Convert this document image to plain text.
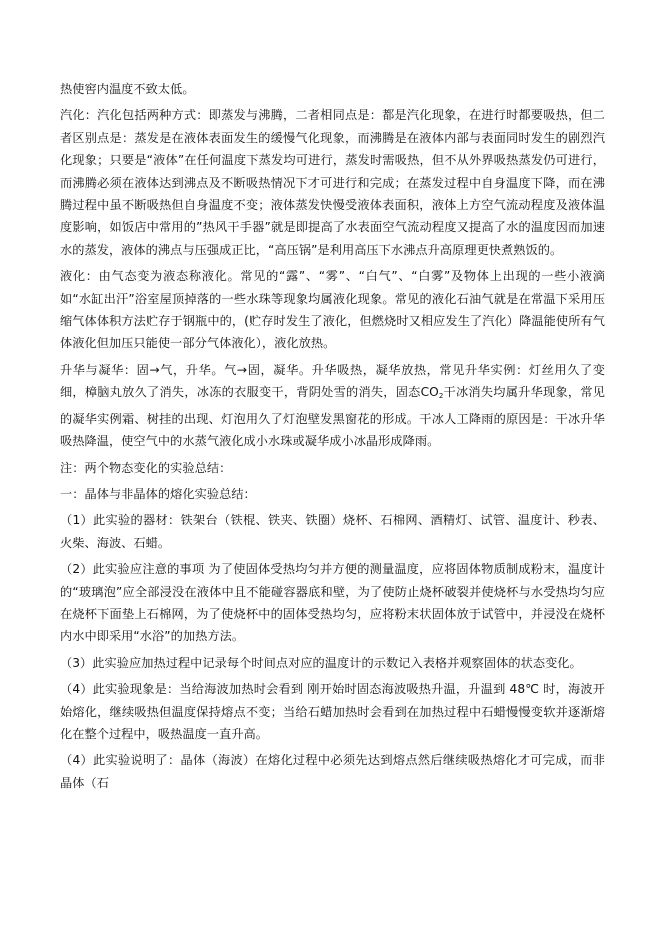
热使窖内温度不致太低。

汽化：汽化包括两种方式：即蒸发与沸腾，二者相同点是：都是汽化现象，在进行时都要吸热，但二者区别点是：蒸发是在液体表面发生的缓慢气化现象，而沸腾是在液体内部与表面同时发生的剧烈汽化现象；只要是“液体”在任何温度下蒸发均可进行，蒸发时需吸热，但不从外界吸热蒸发仍可进行，而沸腾必须在液体达到沸点及不断吸热情况下才可进行和完成；在蒸发过程中自身温度下降，而在沸腾过程中虽不断吸热但自身温度不变；液体蒸发快慢受液体表面积，液体上方空气流动程度及液体温度影响，如饭店中常用的”热风干手器”就是即提高了水表面空气流动程度又提高了水的温度因而加速水的蒸发，液体的沸点与压强成正比，“高压锅”是利用高压下水沸点升高原理更快煮熟饭的。

液化：由气态变为液态称液化。常见的“露”、“雾”、“白气”、“白雾”及物体上出现的一些小液滴如“水缸出汗”浴室屋顶掉落的一些水珠等现象均属液化现象。常见的液化石油气就是在常温下采用压缩气体体积方法贮存于钢瓶中的，(贮存时发生了液化，但燃烧时又相应发生了汽化）降温能使所有气体液化但加压只能使一部分气体液化），液化放热。

升华与凝华：固→气，升华。气→固，凝华。升华吸热，凝华放热，常见升华实例：灯丝用久了变细，樟脑丸放久了消失，冰冻的衣服变干，背阴处雪的消失，固态$CO_2$干冰消失均属升华现象，常见的凝华实例霜、树挂的出现、灯泡用久了灯泡壁发黑窗花的形成。干冰人工降雨的原因是：干冰升华吸热降温，使空气中的水蒸气液化成小水珠或凝华成小冰晶形成降雨。

注：两个物态变化的实验总结：

一：晶体与非晶体的熔化实验总结：

（1）此实验的器材：铁架台（铁棍、铁夹、铁圈）烧杯、石棉网、酒精灯、试管、温度计、秒表、火柴、海波、石蜡。

（2）此实验应注意的事项 为了使固体受热均匀并方便的测量温度，应将固体物质制成粉末，温度计的“玻璃泡”应全部浸没在液体中且不能碰容器底和壁，为了使防止烧杯破裂并使烧杯与水受热均匀应在烧杯下面垫上石棉网，为了使烧杯中的固体受热均匀，应将粉末状固体放于试管中，并浸没在烧杯内水中即采用“水浴”的加热方法。

（3）此实验应加热过程中记录每个时间点对应的温度计的示数记入表格并观察固体的状态变化。

（4）此实验现象是：当给海波加热时会看到 刚开始时固态海波吸热升温，升温到 48℃ 时，海波开始熔化，继续吸热但温度保持熔点不变；当给石蜡加热时会看到在加热过程中石蜡慢慢变软并逐渐熔化在整个过程中，吸热温度一直升高。

（4）此实验说明了：晶体（海波）在熔化过程中必须先达到熔点然后继续吸热熔化才可完成，而非晶体（石
